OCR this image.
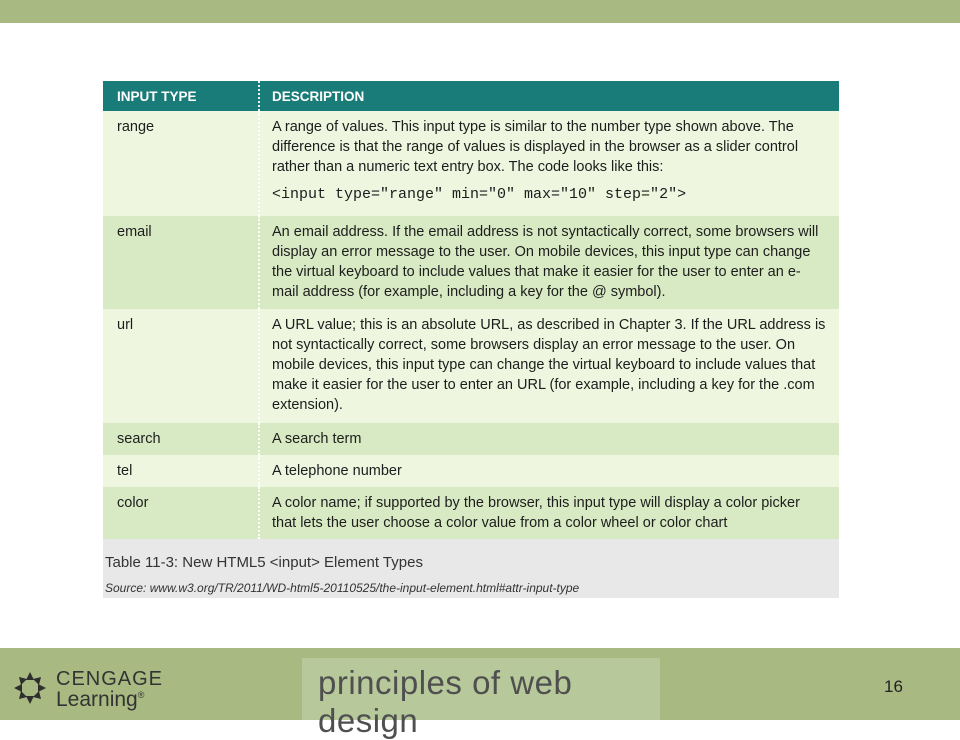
INPUT TYPE	DESCRIPTION
range	A range of values. This input type is similar to the number type shown above. The difference is that the range of values is displayed in the browser as a slider control rather than a numeric text entry box. The code looks like this:
<input type="range" min="0" max="10" step="2">

email	An email address. If the email address is not syntactically correct, some browsers will display an error message to the user. On mobile devices, this input type can change the virtual keyboard to include values that make it easier for the user to enter an e-mail address (for example, including a key for the @ symbol).
url	A URL value; this is an absolute URL, as described in Chapter 3. If the URL address is not syntactically correct, some browsers display an error message to the user. On mobile devices, this input type can change the virtual keyboard to include values that make it easier for the user to enter an URL (for example, including a key for the .com extension).
search	A search term
tel	A telephone number
color	A color name; if supported by the browser, this input type will display a color picker that lets the user choose a color value from a color wheel or color chart
Table 11-3: New HTML5 <input> Element Types
Source: www.w3.org/TR/2011/WD-html5-20110525/the-input-element.html#attr-input-type
CENGAGE
Learning®	principles of web design
16
